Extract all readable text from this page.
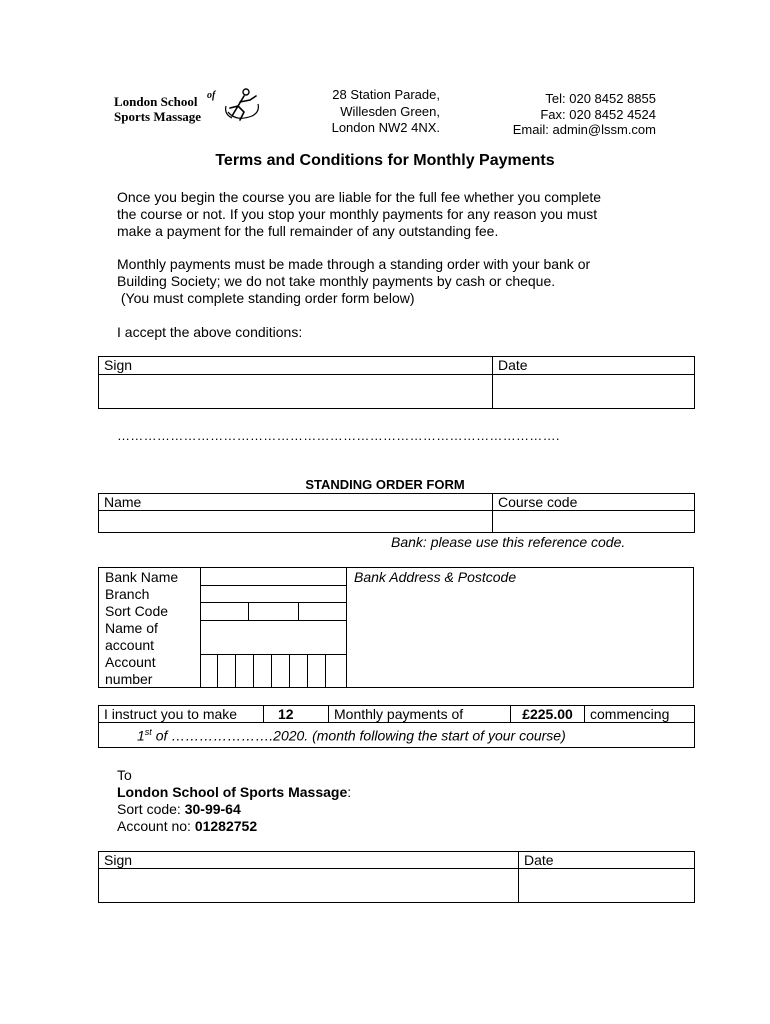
London School of
Sports Massage
28 Station Parade,
Willesden Green,
London NW2 4NX.
Tel: 020 8452 8855
Fax: 020 8452 4524
Email: admin@lssm.com
Terms and Conditions for Monthly Payments
Once you begin the course you are liable for the full fee whether you complete
the course or not. If you stop your monthly payments for any reason you must
make a payment for the full remainder of any outstanding fee.
Monthly payments must be made through a standing order with your bank or
Building Society; we do not take monthly payments by cash or cheque.
(You must complete standing order form below)
I accept the above conditions:
Sign	Date

……………………………………………………………………………………….
STANDING ORDER FORM
Name	Course code

Bank: please use this reference code.
Bank Name
Branch
Sort Code
Name of
account
Account
number
Bank Address & Postcode
I instruct you to make	12	Monthly payments of	£225.00	commencing
1st of ………………….2020. (month following the start of your course)
To
London School of Sports Massage:
Sort code: 30-99-64
Account no: 01282752
Sign	Date
